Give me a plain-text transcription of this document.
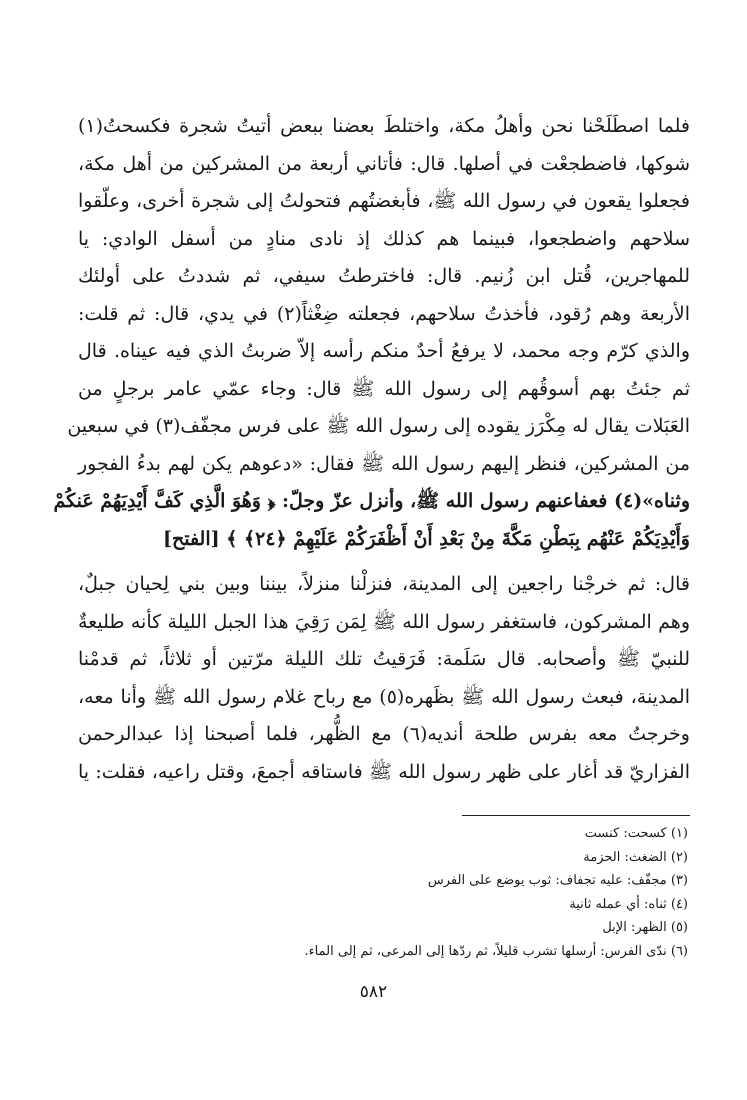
فلما اصطَلَحْنا نحن وأهلُ مكة، واختلطَ بعضنا ببعض أتيتُ شجرة فكسحتُ(١)
شوكها، فاضطجعْت في أصلها. قال: فأتاني أربعة من المشركين من أهل مكة،
فجعلوا يقعون في رسول الله ﷺ، فأبغضتُهم فتحولتُ إلى شجرة أخرى، وعلّقوا
سلاحهم واضطجعوا، فبينما هم كذلك إذ نادى منادٍ من أسفل الوادي: يا
للمهاجرين، قُتل ابن زُنيم. قال: فاخترطتُ سيفي، ثم شددتُ على أولئك
الأربعة وهم رُقود، فأخذتُ سلاحهم، فجعلته ضِغْثاً(٢) في يدي، قال: ثم قلت:
والذي كرّم وجه محمد، لا يرفعُ أحدٌ منكم رأسه إلاّ ضربتُ الذي فيه عيناه. قال
ثم جئتُ بهم أسوقُهم إلى رسول الله ﷺ قال: وجاء عمّي عامر برجلٍ من
العَبَلات يقال له مِكْرَز يقوده إلى رسول الله ﷺ على فرس مجفّف(٣) في سبعين
من المشركين، فنظر إليهم رسول الله ﷺ فقال: «دعوهم يكن لهم بدءُ الفجور
وثناه»(٤) فعفاعنهم رسول الله ﷺ، وأنزل عزّ وجلّ: ﴿ وَهُوَ الَّذِي كَفَّ أَيْدِيَهُمْ عَنكُمْ
وَأَيْدِيَكُمْ عَنْهُم بِبَطْنِ مَكَّةَ مِنْ بَعْدِ أَنْ أَظْفَرَكُمْ عَلَيْهِمْ ﴿٢٤﴾ ﴾ [الفتح]
قال: ثم خرجْنا راجعين إلى المدينة، فنزلْنا منزلاً، بيننا وبين بني لِحيان جبلٌ،
وهم المشركون، فاستغفر رسول الله ﷺ لِمَن رَقِيَ هذا الجبل الليلة كأنه طليعةٌ
للنبيّ ﷺ وأصحابه. قال سَلَمة: فَرَقيتُ تلك الليلة مرّتين أو ثلاثاً، ثم قدمْنا
المدينة، فبعث رسول الله ﷺ بظَهره(٥) مع رباح غلام رسول الله ﷺ وأنا معه،
وخرجتُ معه بفرس طلحة أنديه(٦) مع الظُّهر، فلما أصبحنا إذا عبدالرحمن
الفزاريّ قد أغار على ظهر رسول الله ﷺ فاستاقه أجمعَ، وقتل راعيه، فقلت: يا
(١) كسحت: كنست
(٢) الضغث: الحزمة
(٣) مجفّف: عليه تجفاف: ثوب يوضع على الفرس
(٤) ثناه: أي عمله ثانية
(٥) الظهر: الإبل
(٦) ندّى الفرس: أرسلها تشرب قليلاً، ثم ردّها إلى المرعى، ثم إلى الماء.
٥٨٢
